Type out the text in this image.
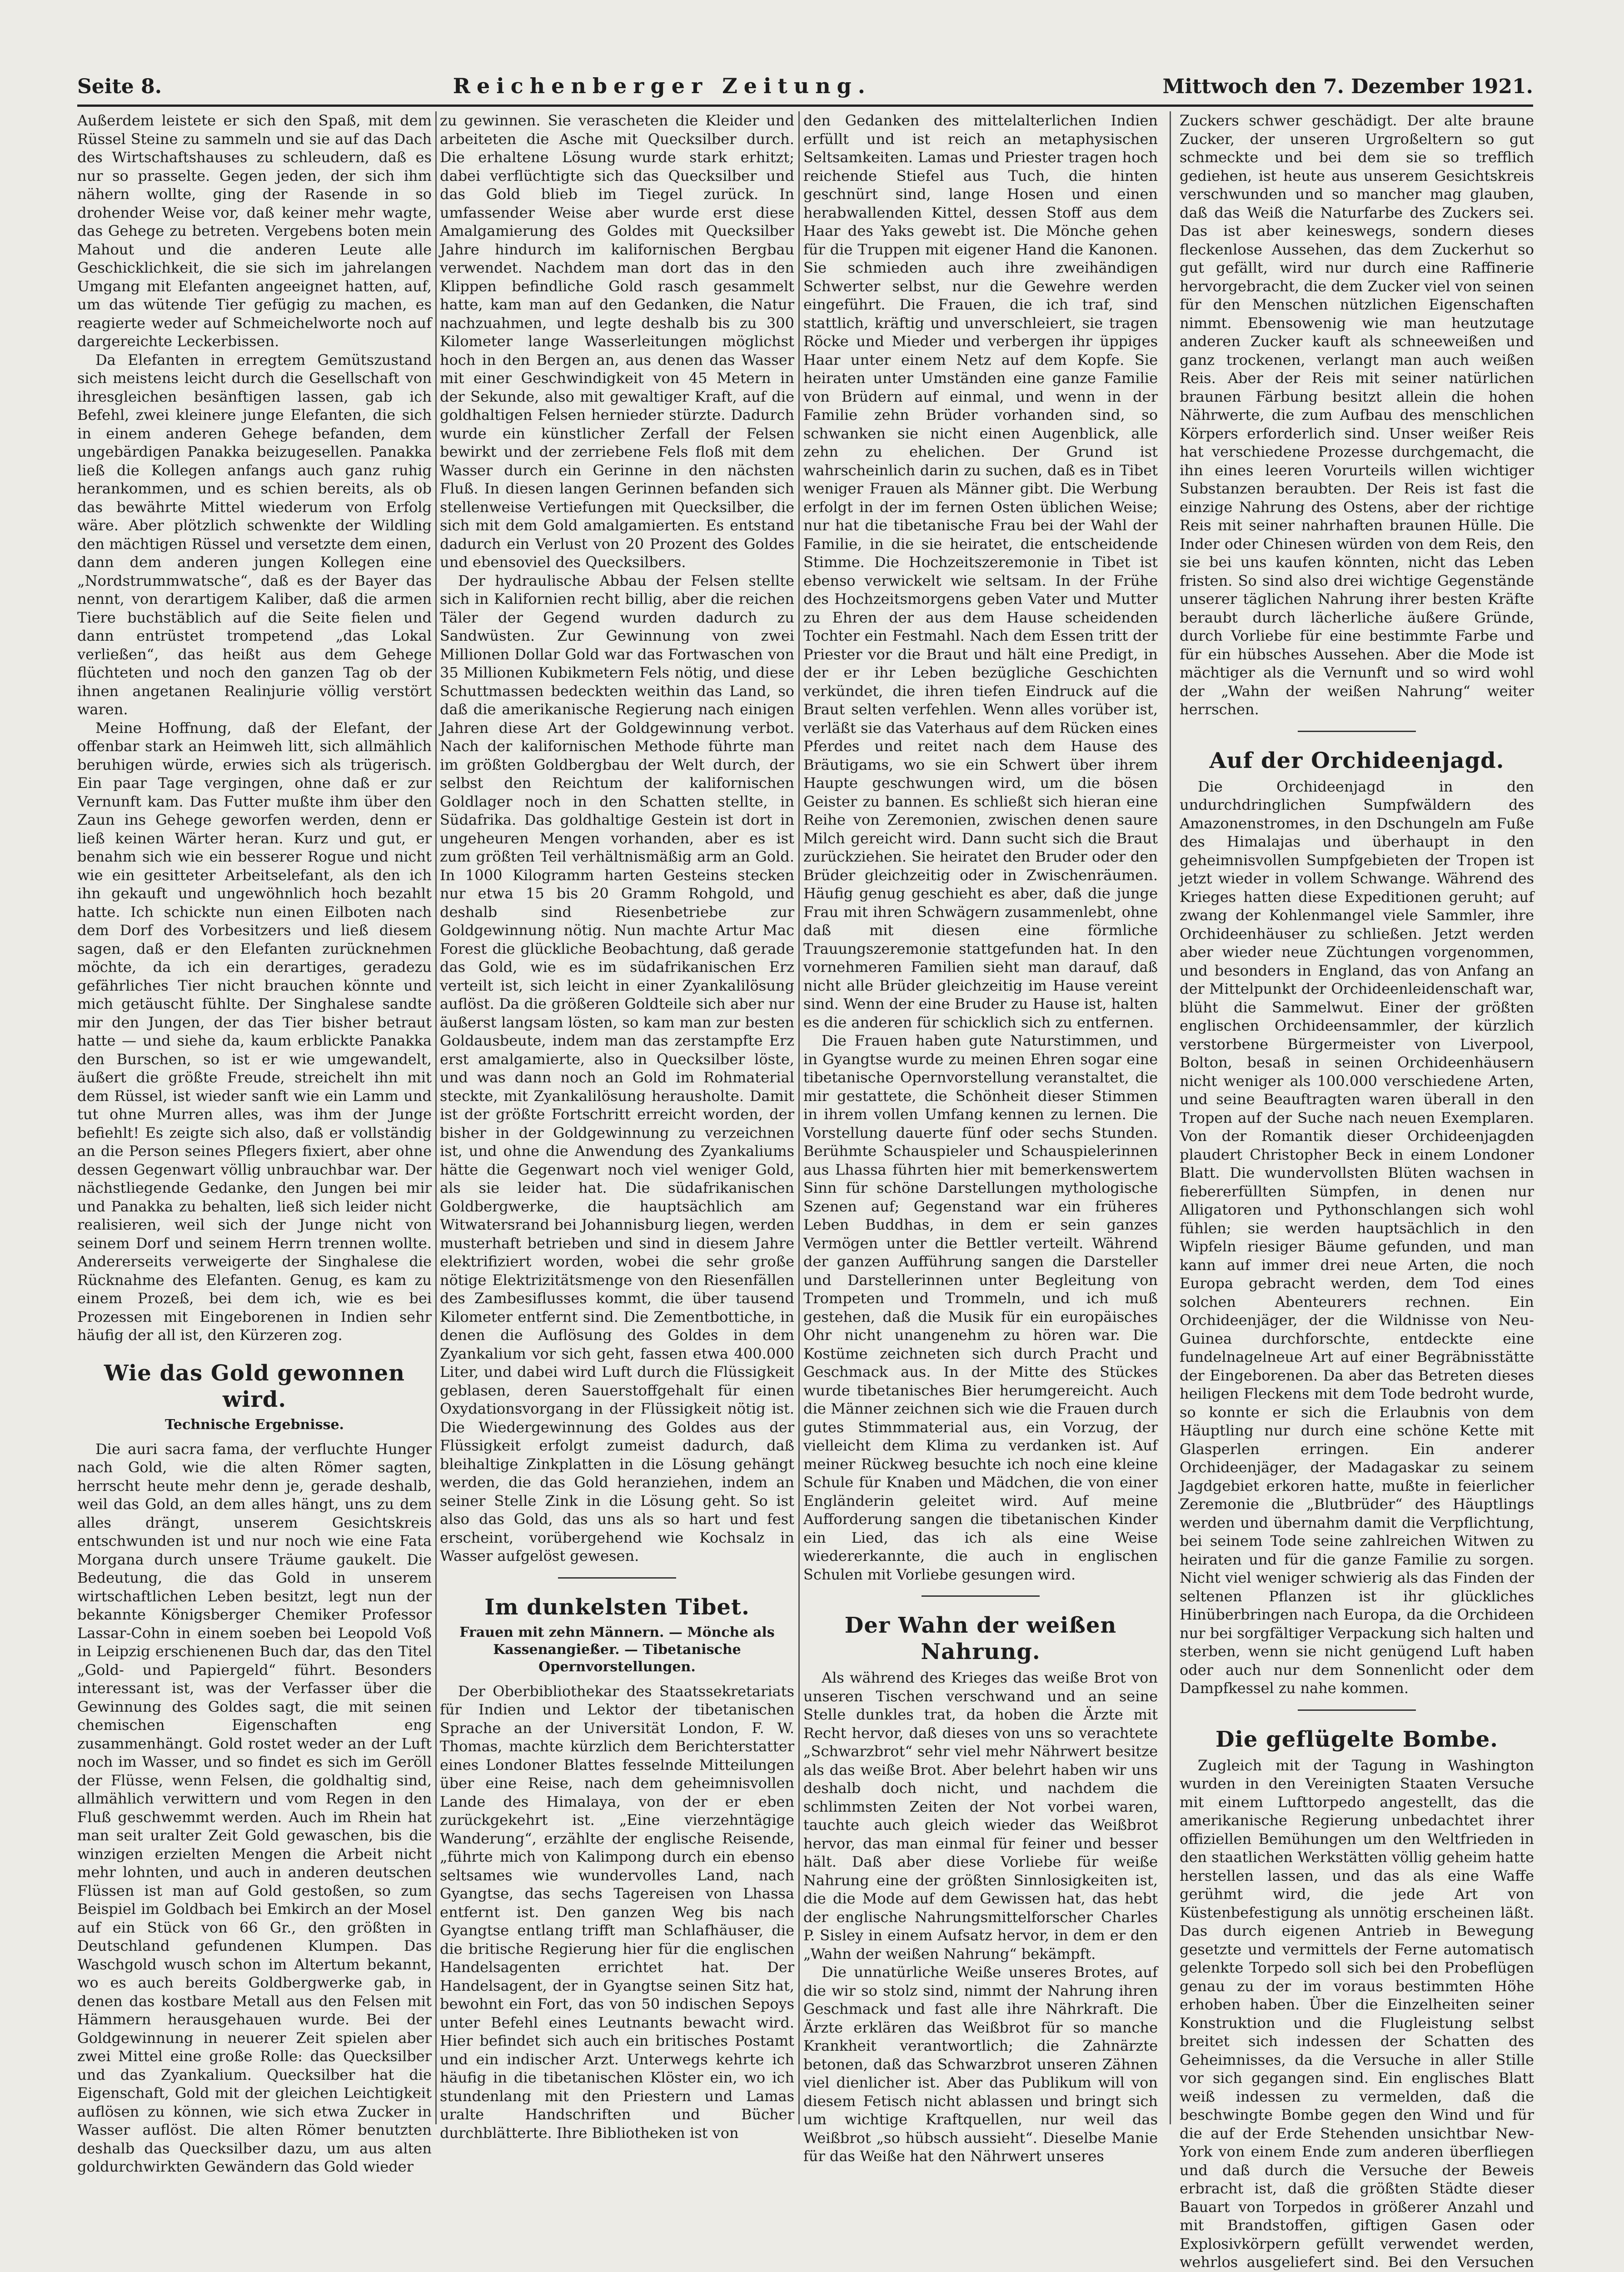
Seite 8.	Reichenberger Zeitung.	Mittwoch den 7. Dezember 1921.

Außerdem leistete er sich den Spaß, mit dem Rüssel Steine zu sammeln und sie auf das Dach des Wirtschaftshauses zu schleudern, daß es nur so prasselte. Gegen jeden, der sich ihm nähern wollte, ging der Rasende in so drohender Weise vor, daß keiner mehr wagte, das Gehege zu betreten. Vergebens boten mein Mahout und die anderen Leute alle Geschicklichkeit, die sie sich im jahrelangen Umgang mit Elefanten angeeignet hatten, auf, um das wütende Tier gefügig zu machen, es reagierte weder auf Schmeichelworte noch auf dargereichte Leckerbissen.

Da Elefanten in erregtem Gemütszustand sich meistens leicht durch die Gesellschaft von ihresgleichen besänftigen lassen, gab ich Befehl, zwei kleinere junge Elefanten, die sich in einem anderen Gehege befanden, dem ungebärdigen Panakka beizugesellen. Panakka ließ die Kollegen anfangs auch ganz ruhig herankommen, und es schien bereits, als ob das bewährte Mittel wiederum von Erfolg wäre. Aber plötzlich schwenkte der Wildling den mächtigen Rüssel und versetzte dem einen, dann dem anderen jungen Kollegen eine „Nordstrummwatsche“, daß es der Bayer das nennt, von derartigem Kaliber, daß die armen Tiere buchstäblich auf die Seite fielen und dann entrüstet trompetend „das Lokal verließen“, das heißt aus dem Gehege flüchteten und noch den ganzen Tag ob der ihnen angetanen Realinjurie völlig verstört waren.

Meine Hoffnung, daß der Elefant, der offenbar stark an Heimweh litt, sich allmählich beruhigen würde, erwies sich als trügerisch. Ein paar Tage vergingen, ohne daß er zur Vernunft kam. Das Futter mußte ihm über den Zaun ins Gehege geworfen werden, denn er ließ keinen Wärter heran. Kurz und gut, er benahm sich wie ein besserer Rogue und nicht wie ein gesitteter Arbeitselefant, als den ich ihn gekauft und ungewöhnlich hoch bezahlt hatte. Ich schickte nun einen Eilboten nach dem Dorf des Vorbesitzers und ließ diesem sagen, daß er den Elefanten zurücknehmen möchte, da ich ein derartiges, geradezu gefährliches Tier nicht brauchen könnte und mich getäuscht fühlte. Der Singhalese sandte mir den Jungen, der das Tier bisher betraut hatte — und siehe da, kaum erblickte Panakka den Burschen, so ist er wie umgewandelt, äußert die größte Freude, streichelt ihn mit dem Rüssel, ist wieder sanft wie ein Lamm und tut ohne Murren alles, was ihm der Junge befiehlt! Es zeigte sich also, daß er vollständig an die Person seines Pflegers fixiert, aber ohne dessen Gegenwart völlig unbrauchbar war. Der nächstliegende Gedanke, den Jungen bei mir und Panakka zu behalten, ließ sich leider nicht realisieren, weil sich der Junge nicht von seinem Dorf und seinem Herrn trennen wollte. Andererseits verweigerte der Singhalese die Rücknahme des Elefanten. Genug, es kam zu einem Prozeß, bei dem ich, wie es bei Prozessen mit Eingeborenen in Indien sehr häufig der all ist, den Kürzeren zog.

Wie das Gold gewonnen wird.
Technische Ergebnisse.

Die auri sacra fama, der verfluchte Hunger nach Gold, wie die alten Römer sagten, herrscht heute mehr denn je, gerade deshalb, weil das Gold, an dem alles hängt, uns zu dem alles drängt, unserem Gesichtskreis entschwunden ist und nur noch wie eine Fata Morgana durch unsere Träume gaukelt. Die Bedeutung, die das Gold in unserem wirtschaftlichen Leben besitzt, legt nun der bekannte Königsberger Chemiker Professor Lassar-Cohn in einem soeben bei Leopold Voß in Leipzig erschienenen Buch dar, das den Titel „Gold- und Papiergeld“ führt. Besonders interessant ist, was der Verfasser über die Gewinnung des Goldes sagt, die mit seinen chemischen Eigenschaften eng zusammenhängt. Gold rostet weder an der Luft noch im Wasser, und so findet es sich im Geröll der Flüsse, wenn Felsen, die goldhaltig sind, allmählich verwittern und vom Regen in den Fluß geschwemmt werden. Auch im Rhein hat man seit uralter Zeit Gold gewaschen, bis die winzigen erzielten Mengen die Arbeit nicht mehr lohnten, und auch in anderen deutschen Flüssen ist man auf Gold gestoßen, so zum Beispiel im Goldbach bei Emkirch an der Mosel auf ein Stück von 66 Gr., den größten in Deutschland gefundenen Klumpen. Das Waschgold wusch schon im Altertum bekannt, wo es auch bereits Goldbergwerke gab, in denen das kostbare Metall aus den Felsen mit Hämmern herausgehauen wurde. Bei der Goldgewinnung in neuerer Zeit spielen aber zwei Mittel eine große Rolle: das Quecksilber und das Zyankalium. Quecksilber hat die Eigenschaft, Gold mit der gleichen Leichtigkeit auflösen zu können, wie sich etwa Zucker in Wasser auflöst. Die alten Römer benutzten deshalb das Quecksilber dazu, um aus alten goldurchwirkten Gewändern das Gold wieder

zu gewinnen. Sie verascheten die Kleider und arbeiteten die Asche mit Quecksilber durch. Die erhaltene Lösung wurde stark erhitzt; dabei verflüchtigte sich das Quecksilber und das Gold blieb im Tiegel zurück. In umfassender Weise aber wurde erst diese Amalgamierung des Goldes mit Quecksilber Jahre hindurch im kalifornischen Bergbau verwendet. Nachdem man dort das in den Klippen befindliche Gold rasch gesammelt hatte, kam man auf den Gedanken, die Natur nachzuahmen, und legte deshalb bis zu 300 Kilometer lange Wasserleitungen möglichst hoch in den Bergen an, aus denen das Wasser mit einer Geschwindigkeit von 45 Metern in der Sekunde, also mit gewaltiger Kraft, auf die goldhaltigen Felsen hernieder stürzte. Dadurch wurde ein künstlicher Zerfall der Felsen bewirkt und der zerriebene Fels floß mit dem Wasser durch ein Gerinne in den nächsten Fluß. In diesen langen Gerinnen befanden sich stellenweise Vertiefungen mit Quecksilber, die sich mit dem Gold amalgamierten. Es entstand dadurch ein Verlust von 20 Prozent des Goldes und ebensoviel des Quecksilbers.

Der hydraulische Abbau der Felsen stellte sich in Kalifornien recht billig, aber die reichen Täler der Gegend wurden dadurch zu Sandwüsten. Zur Gewinnung von zwei Millionen Dollar Gold war das Fortwaschen von 35 Millionen Kubikmetern Fels nötig, und diese Schuttmassen bedeckten weithin das Land, so daß die amerikanische Regierung nach einigen Jahren diese Art der Goldgewinnung verbot. Nach der kalifornischen Methode führte man im größten Goldbergbau der Welt durch, der selbst den Reichtum der kalifornischen Goldlager noch in den Schatten stellte, in Südafrika. Das goldhaltige Gestein ist dort in ungeheuren Mengen vorhanden, aber es ist zum größten Teil verhältnismäßig arm an Gold. In 1000 Kilogramm harten Gesteins stecken nur etwa 15 bis 20 Gramm Rohgold, und deshalb sind Riesenbetriebe zur Goldgewinnung nötig. Nun machte Artur Mac Forest die glückliche Beobachtung, daß gerade das Gold, wie es im südafrikanischen Erz verteilt ist, sich leicht in einer Zyankalilösung auflöst. Da die größeren Goldteile sich aber nur äußerst langsam lösten, so kam man zur besten Goldausbeute, indem man das zerstampfte Erz erst amalgamierte, also in Quecksilber löste, und was dann noch an Gold im Rohmaterial steckte, mit Zyankalilösung herausholte. Damit ist der größte Fortschritt erreicht worden, der bisher in der Goldgewinnung zu verzeichnen ist, und ohne die Anwendung des Zyankaliums hätte die Gegenwart noch viel weniger Gold, als sie leider hat. Die südafrikanischen Goldbergwerke, die hauptsächlich am Witwatersrand bei Johannisburg liegen, werden musterhaft betrieben und sind in diesem Jahre elektrifiziert worden, wobei die sehr große nötige Elektrizitätsmenge von den Riesenfällen des Zambesiflusses kommt, die über tausend Kilometer entfernt sind. Die Zementbottiche, in denen die Auflösung des Goldes in dem Zyankalium vor sich geht, fassen etwa 400.000 Liter, und dabei wird Luft durch die Flüssigkeit geblasen, deren Sauerstoffgehalt für einen Oxydationsvorgang in der Flüssigkeit nötig ist. Die Wiedergewinnung des Goldes aus der Flüssigkeit erfolgt zumeist dadurch, daß bleihaltige Zinkplatten in die Lösung gehängt werden, die das Gold heranziehen, indem an seiner Stelle Zink in die Lösung geht. So ist also das Gold, das uns als so hart und fest erscheint, vorübergehend wie Kochsalz in Wasser aufgelöst gewesen.

Im dunkelsten Tibet.
Frauen mit zehn Männern. — Mönche als Kassenangießer. — Tibetanische Opernvorstellungen.

Der Oberbibliothekar des Staatssekretariats für Indien und Lektor der tibetanischen Sprache an der Universität London, F. W. Thomas, machte kürzlich dem Berichterstatter eines Londoner Blattes fesselnde Mitteilungen über eine Reise, nach dem geheimnisvollen Lande des Himalaya, von der er eben zurückgekehrt ist. „Eine vierzehntägige Wanderung“, erzählte der englische Reisende, „führte mich von Kalimpong durch ein ebenso seltsames wie wundervolles Land, nach Gyangtse, das sechs Tagereisen von Lhassa entfernt ist. Den ganzen Weg bis nach Gyangtse entlang trifft man Schlafhäuser, die die britische Regierung hier für die englischen Handelsagenten errichtet hat. Der Handelsagent, der in Gyangtse seinen Sitz hat, bewohnt ein Fort, das von 50 indischen Sepoys unter Befehl eines Leutnants bewacht wird. Hier befindet sich auch ein britisches Postamt und ein indischer Arzt. Unterwegs kehrte ich häufig in die tibetanischen Klöster ein, wo ich stundenlang mit den Priestern und Lamas uralte Handschriften und Bücher durchblätterte. Ihre Bibliotheken ist von

den Gedanken des mittelalterlichen Indien erfüllt und ist reich an metaphysischen Seltsamkeiten. Lamas und Priester tragen hoch reichende Stiefel aus Tuch, die hinten geschnürt sind, lange Hosen und einen herabwallenden Kittel, dessen Stoff aus dem Haar des Yaks gewebt ist. Die Mönche gehen für die Truppen mit eigener Hand die Kanonen. Sie schmieden auch ihre zweihändigen Schwerter selbst, nur die Gewehre werden eingeführt. Die Frauen, die ich traf, sind stattlich, kräftig und unverschleiert, sie tragen Röcke und Mieder und verbergen ihr üppiges Haar unter einem Netz auf dem Kopfe. Sie heiraten unter Umständen eine ganze Familie von Brüdern auf einmal, und wenn in der Familie zehn Brüder vorhanden sind, so schwanken sie nicht einen Augenblick, alle zehn zu ehelichen. Der Grund ist wahrscheinlich darin zu suchen, daß es in Tibet weniger Frauen als Männer gibt. Die Werbung erfolgt in der im fernen Osten üblichen Weise; nur hat die tibetanische Frau bei der Wahl der Familie, in die sie heiratet, die entscheidende Stimme. Die Hochzeitszeremonie in Tibet ist ebenso verwickelt wie seltsam. In der Frühe des Hochzeitsmorgens geben Vater und Mutter zu Ehren der aus dem Hause scheidenden Tochter ein Festmahl. Nach dem Essen tritt der Priester vor die Braut und hält eine Predigt, in der er ihr Leben bezügliche Geschichten verkündet, die ihren tiefen Eindruck auf die Braut selten verfehlen. Wenn alles vorüber ist, verläßt sie das Vaterhaus auf dem Rücken eines Pferdes und reitet nach dem Hause des Bräutigams, wo sie ein Schwert über ihrem Haupte geschwungen wird, um die bösen Geister zu bannen. Es schließt sich hieran eine Reihe von Zeremonien, zwischen denen saure Milch gereicht wird. Dann sucht sich die Braut zurückziehen. Sie heiratet den Bruder oder den Brüder gleichzeitig oder in Zwischenräumen. Häufig genug geschieht es aber, daß die junge Frau mit ihren Schwägern zusammenlebt, ohne daß mit diesen eine förmliche Trauungszeremonie stattgefunden hat. In den vornehmeren Familien sieht man darauf, daß nicht alle Brüder gleichzeitig im Hause vereint sind. Wenn der eine Bruder zu Hause ist, halten es die anderen für schicklich sich zu entfernen.

Die Frauen haben gute Naturstimmen, und in Gyangtse wurde zu meinen Ehren sogar eine tibetanische Opernvorstellung veranstaltet, die mir gestattete, die Schönheit dieser Stimmen in ihrem vollen Umfang kennen zu lernen. Die Vorstellung dauerte fünf oder sechs Stunden. Berühmte Schauspieler und Schauspielerinnen aus Lhassa führten hier mit bemerkenswertem Sinn für schöne Darstellungen mythologische Szenen auf; Gegenstand war ein früheres Leben Buddhas, in dem er sein ganzes Vermögen unter die Bettler verteilt. Während der ganzen Aufführung sangen die Darsteller und Darstellerinnen unter Begleitung von Trompeten und Trommeln, und ich muß gestehen, daß die Musik für ein europäisches Ohr nicht unangenehm zu hören war. Die Kostüme zeichneten sich durch Pracht und Geschmack aus. In der Mitte des Stückes wurde tibetanisches Bier herumgereicht. Auch die Männer zeichnen sich wie die Frauen durch gutes Stimmmaterial aus, ein Vorzug, der vielleicht dem Klima zu verdanken ist. Auf meiner Rückweg besuchte ich noch eine kleine Schule für Knaben und Mädchen, die von einer Engländerin geleitet wird. Auf meine Aufforderung sangen die tibetanischen Kinder ein Lied, das ich als eine Weise wiedererkannte, die auch in englischen Schulen mit Vorliebe gesungen wird.

Der Wahn der weißen Nahrung.

Als während des Krieges das weiße Brot von unseren Tischen verschwand und an seine Stelle dunkles trat, da hoben die Ärzte mit Recht hervor, daß dieses von uns so verachtete „Schwarzbrot“ sehr viel mehr Nährwert besitze als das weiße Brot. Aber belehrt haben wir uns deshalb doch nicht, und nachdem die schlimmsten Zeiten der Not vorbei waren, tauchte auch gleich wieder das Weißbrot hervor, das man einmal für feiner und besser hält. Daß aber diese Vorliebe für weiße Nahrung eine der größten Sinnlosigkeiten ist, die die Mode auf dem Gewissen hat, das hebt der englische Nahrungsmittelforscher Charles P. Sisley in einem Aufsatz hervor, in dem er den „Wahn der weißen Nahrung“ bekämpft.

Die unnatürliche Weiße unseres Brotes, auf die wir so stolz sind, nimmt der Nahrung ihren Geschmack und fast alle ihre Nährkraft. Die Ärzte erklären das Weißbrot für so manche Krankheit verantwortlich; die Zahnärzte betonen, daß das Schwarzbrot unseren Zähnen viel dienlicher ist. Aber das Publikum will von diesem Fetisch nicht ablassen und bringt sich um wichtige Kraftquellen, nur weil das Weißbrot „so hübsch aussieht“. Dieselbe Manie für das Weiße hat den Nährwert unseres

Zuckers schwer geschädigt. Der alte braune Zucker, der unseren Urgroßeltern so gut schmeckte und bei dem sie so trefflich gediehen, ist heute aus unserem Gesichtskreis verschwunden und so mancher mag glauben, daß das Weiß die Naturfarbe des Zuckers sei. Das ist aber keineswegs, sondern dieses fleckenlose Aussehen, das dem Zuckerhut so gut gefällt, wird nur durch eine Raffinerie hervorgebracht, die dem Zucker viel von seinen für den Menschen nützlichen Eigenschaften nimmt. Ebensowenig wie man heutzutage anderen Zucker kauft als schneeweißen und ganz trockenen, verlangt man auch weißen Reis. Aber der Reis mit seiner natürlichen braunen Färbung besitzt allein die hohen Nährwerte, die zum Aufbau des menschlichen Körpers erforderlich sind. Unser weißer Reis hat verschiedene Prozesse durchgemacht, die ihn eines leeren Vorurteils willen wichtiger Substanzen beraubten. Der Reis ist fast die einzige Nahrung des Ostens, aber der richtige Reis mit seiner nahrhaften braunen Hülle. Die Inder oder Chinesen würden von dem Reis, den sie bei uns kaufen könnten, nicht das Leben fristen. So sind also drei wichtige Gegenstände unserer täglichen Nahrung ihrer besten Kräfte beraubt durch lächerliche äußere Gründe, durch Vorliebe für eine bestimmte Farbe und für ein hübsches Aussehen. Aber die Mode ist mächtiger als die Vernunft und so wird wohl der „Wahn der weißen Nahrung“ weiter herrschen.

Auf der Orchideenjagd.

Die Orchideenjagd in den undurchdringlichen Sumpfwäldern des Amazonenstromes, in den Dschungeln am Fuße des Himalajas und überhaupt in den geheimnisvollen Sumpfgebieten der Tropen ist jetzt wieder in vollem Schwange. Während des Krieges hatten diese Expeditionen geruht; auf zwang der Kohlenmangel viele Sammler, ihre Orchideenhäuser zu schließen. Jetzt werden aber wieder neue Züchtungen vorgenommen, und besonders in England, das von Anfang an der Mittelpunkt der Orchideenleidenschaft war, blüht die Sammelwut. Einer der größten englischen Orchideensammler, der kürzlich verstorbene Bürgermeister von Liverpool, Bolton, besaß in seinen Orchideenhäusern nicht weniger als 100.000 verschiedene Arten, und seine Beauftragten waren überall in den Tropen auf der Suche nach neuen Exemplaren. Von der Romantik dieser Orchideenjagden plaudert Christopher Beck in einem Londoner Blatt. Die wundervollsten Blüten wachsen in fiebererfüllten Sümpfen, in denen nur Alligatoren und Pythonschlangen sich wohl fühlen; sie werden hauptsächlich in den Wipfeln riesiger Bäume gefunden, und man kann auf immer drei neue Arten, die noch Europa gebracht werden, dem Tod eines solchen Abenteurers rechnen. Ein Orchideenjäger, der die Wildnisse von Neu-Guinea durchforschte, entdeckte eine fundelnagelneue Art auf einer Begräbnisstätte der Eingeborenen. Da aber das Betreten dieses heiligen Fleckens mit dem Tode bedroht wurde, so konnte er sich die Erlaubnis von dem Häuptling nur durch eine schöne Kette mit Glasperlen erringen. Ein anderer Orchideenjäger, der Madagaskar zu seinem Jagdgebiet erkoren hatte, mußte in feierlicher Zeremonie die „Blutbrüder“ des Häuptlings werden und übernahm damit die Verpflichtung, bei seinem Tode seine zahlreichen Witwen zu heiraten und für die ganze Familie zu sorgen. Nicht viel weniger schwierig als das Finden der seltenen Pflanzen ist ihr glückliches Hinüberbringen nach Europa, da die Orchideen nur bei sorgfältiger Verpackung sich halten und sterben, wenn sie nicht genügend Luft haben oder auch nur dem Sonnenlicht oder dem Dampfkessel zu nahe kommen.

Die geflügelte Bombe.

Zugleich mit der Tagung in Washington wurden in den Vereinigten Staaten Versuche mit einem Lufttorpedo angestellt, das die amerikanische Regierung unbedachtet ihrer offiziellen Bemühungen um den Weltfrieden in den staatlichen Werkstätten völlig geheim hatte herstellen lassen, und das als eine Waffe gerühmt wird, die jede Art von Küstenbefestigung als unnötig erscheinen läßt. Das durch eigenen Antrieb in Bewegung gesetzte und vermittels der Ferne automatisch gelenkte Torpedo soll sich bei den Probeflügen genau zu der im voraus bestimmten Höhe erhoben haben. Über die Einzelheiten seiner Konstruktion und die Flugleistung selbst breitet sich indessen der Schatten des Geheimnisses, da die Versuche in aller Stille vor sich gegangen sind. Ein englisches Blatt weiß indessen zu vermelden, daß die beschwingte Bombe gegen den Wind und für die auf der Erde Stehenden unsichtbar New-York von einem Ende zum anderen überfliegen und daß durch die Versuche der Beweis erbracht ist, daß die größten Städte dieser Bauart von Torpedos in größerer Anzahl und mit Brandstoffen, giftigen Gasen oder Explosivkörpern gefüllt verwendet werden, wehrlos ausgeliefert sind. Bei den Versuchen
